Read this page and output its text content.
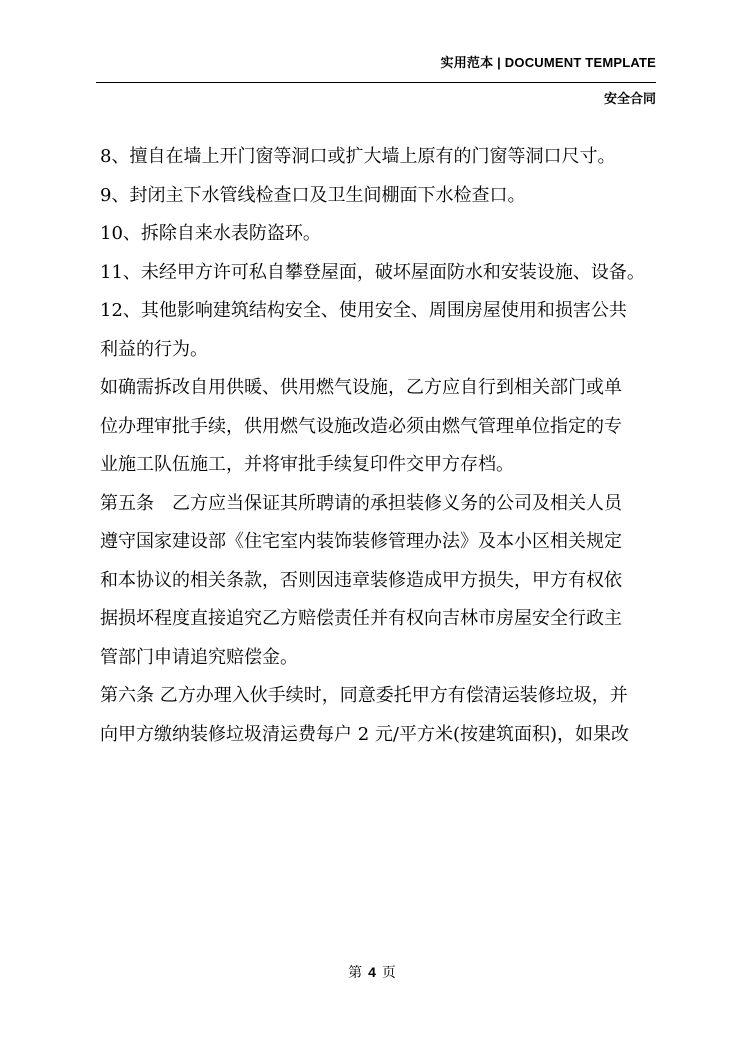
实用范本 | DOCUMENT TEMPLATE
安全合同
8、擅自在墙上开门窗等洞口或扩大墙上原有的门窗等洞口尺寸。
9、封闭主下水管线检查口及卫生间棚面下水检查口。
10、拆除自来水表防盗环。
11、未经甲方许可私自攀登屋面，破坏屋面防水和安装设施、设备。
12、其他影响建筑结构安全、使用安全、周围房屋使用和损害公共
利益的行为。
如确需拆改自用供暖、供用燃气设施，乙方应自行到相关部门或单
位办理审批手续，供用燃气设施改造必须由燃气管理单位指定的专
业施工队伍施工，并将审批手续复印件交甲方存档。
第五条　乙方应当保证其所聘请的承担装修义务的公司及相关人员
遵守国家建设部《住宅室内装饰装修管理办法》及本小区相关规定
和本协议的相关条款，否则因违章装修造成甲方损失，甲方有权依
据损坏程度直接追究乙方赔偿责任并有权向吉林市房屋安全行政主
管部门申请追究赔偿金。
第六条 乙方办理入伙手续时，同意委托甲方有偿清运装修垃圾，并
向甲方缴纳装修垃圾清运费每户 2 元/平方米(按建筑面积)，如果改
第 4 页
